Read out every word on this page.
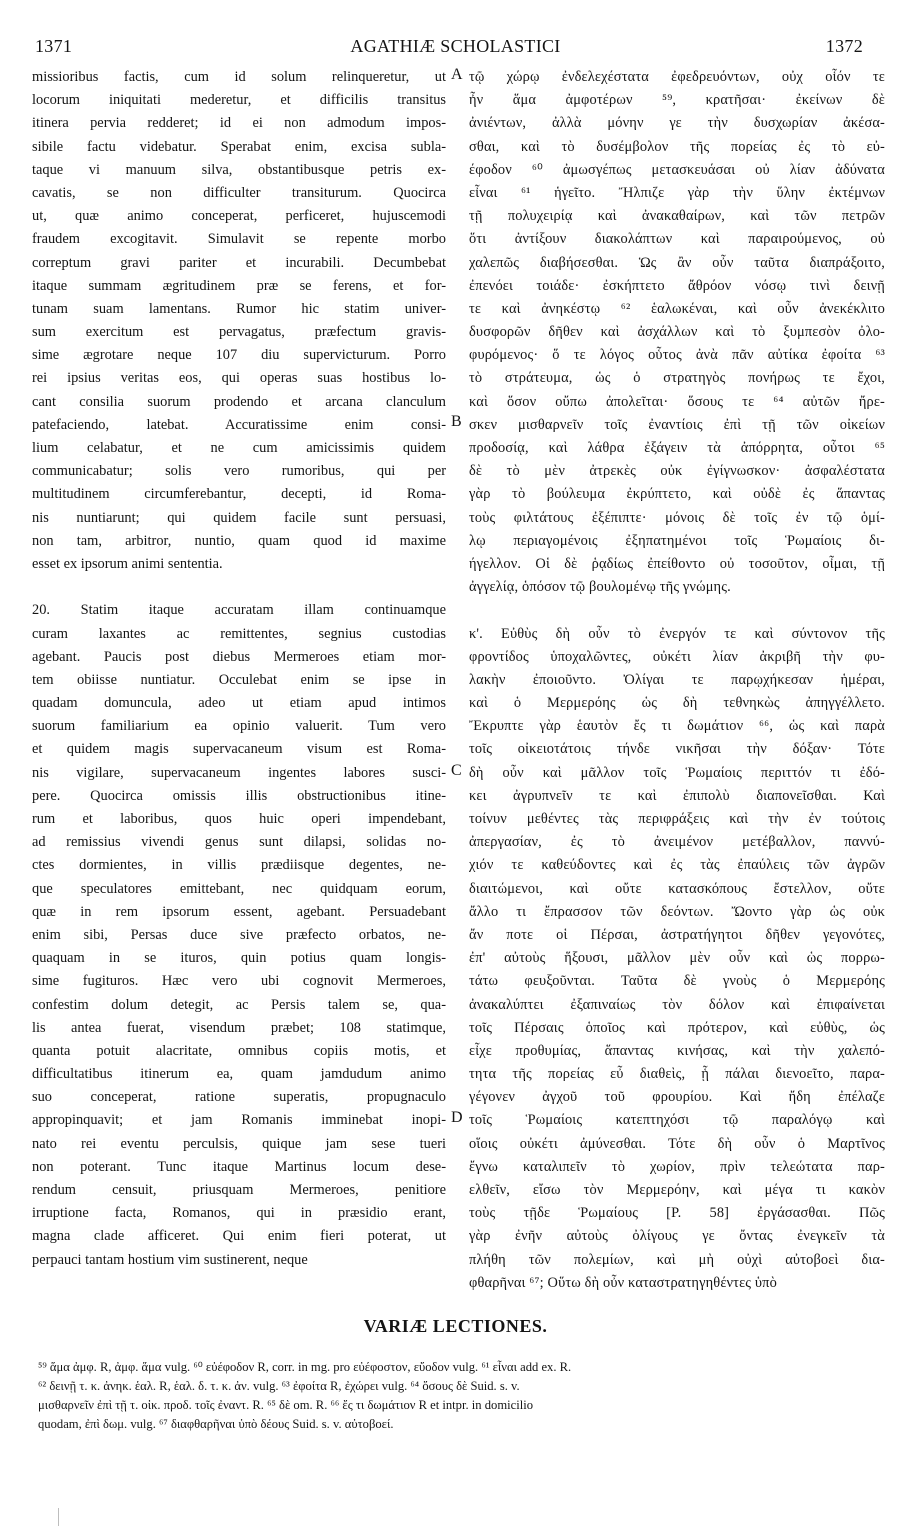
1371	AGATHIÆ SCHOLASTICI	1372
missioribus factis, cum id solum relinqueretur, ut
locorum iniquitati mederetur, et difficilis transitus
itinera pervia redderet; id ei non admodum impos-
sibile factu videbatur. Sperabat enim, excisa subla-
taque vi manuum silva, obstantibusque petris ex-
cavatis, se non difficulter transiturum. Quocirca
ut, quæ animo conceperat, perficeret, hujuscemodi
fraudem excogitavit. Simulavit se repente morbo
correptum gravi pariter et incurabili. Decumbebat
itaque summam ægritudinem præ se ferens, et for-
tunam suam lamentans. Rumor hic statim univer-
sum exercitum est pervagatus, præfectum gravis-
sime ægrotare neque 107 diu supervicturum. Porro
rei ipsius veritas eos, qui operas suas hostibus lo-
cant consilia suorum prodendo et arcana clanculum
patefaciendo, latebat. Accuratissime enim consi-
lium celabatur, et ne cum amicissimis quidem
communicabatur; solis vero rumoribus, qui per
multitudinem circumferebantur, decepti, id Roma-
nis nuntiarunt; qui quidem facile sunt persuasi,
non tam, arbitror, nuntio, quam quod id maxime
esset ex ipsorum animi sententia.
20. Statim itaque accuratam illam continuamque
curam laxantes ac remittentes, segnius custodias
agebant. Paucis post diebus Mermeroes etiam mor-
tem obiisse nuntiatur. Occulebat enim se ipse in
quadam domuncula, adeo ut etiam apud intimos
suorum familiarium ea opinio valuerit. Tum vero
et quidem magis supervacaneum visum est Roma-
nis vigilare, supervacaneum ingentes labores susci-
pere. Quocirca omissis illis obstructionibus itine-
rum et laboribus, quos huic operi impendebant,
ad remissius vivendi genus sunt dilapsi, solidas no-
ctes dormientes, in villis prædiisque degentes, ne-
que speculatores emittebant, nec quidquam eorum,
quæ in rem ipsorum essent, agebant. Persuadebant
enim sibi, Persas duce sive præfecto orbatos, ne-
quaquam in se ituros, quin potius quam longis-
sime fugituros. Hæc vero ubi cognovit Mermeroes,
confestim dolum detegit, ac Persis talem se, qua-
lis antea fuerat, visendum præbet; 108 statimque,
quanta potuit alacritate, omnibus copiis motis, et
difficultatibus itinerum ea, quam jamdudum animo
suo conceperat, ratione superatis, propugnaculo
appropinquavit; et jam Romanis imminebat inopi-
nato rei eventu perculsis, quique jam sese tueri
non poterant. Tunc itaque Martinus locum dese-
rendum censuit, priusquam Mermeroes, penitiore
irruptione facta, Romanos, qui in præsidio erant,
magna clade afficeret. Qui enim fieri poterat, ut
perpauci tantam hostium vim sustinerent, neque
A
B
C
D
τῷ χώρῳ ἐνδελεχέστατα ἐφεδρευόντων, οὐχ οἷόν τε
ἦν ἅμα ἀμφοτέρων ⁵⁹, κρατῆσαι· ἐκείνων δὲ
ἀνιέντων, ἀλλὰ μόνην γε τὴν δυσχωρίαν ἀκέσα-
σθαι, καὶ τὸ δυσέμβολον τῆς πορείας ἐς τὸ εὐ-
έφοδον ⁶⁰ ἀμωσγέπως μετασκευάσαι οὐ λίαν ἀδύνατα
εἶναι ⁶¹ ἡγεῖτο. Ἤλπιζε γὰρ τὴν ὕλην ἐκτέμνων
τῇ πολυχειρίᾳ καὶ ἀνακαθαίρων, καὶ τῶν πετρῶν
ὅτι ἀντίξουν διακολάπτων καὶ παραιρούμενος, οὐ
χαλεπῶς διαβήσεσθαι. Ὡς ἂν οὖν ταῦτα διαπράξοιτο,
ἐπενόει τοιάδε· ἐσκήπτετο ἄθρόον νόσῳ τινὶ δεινῇ
τε καὶ ἀνηκέστῳ ⁶² ἑαλωκέναι, καὶ οὖν ἀνεκέκλιτο
δυσφορῶν δῆθεν καὶ ἀσχάλλων καὶ τὸ ξυμπεσὸν ὀλο-
φυρόμενος· ὅ τε λόγος οὗτος ἀνὰ πᾶν αὐτίκα ἐφοίτα ⁶³
τὸ στράτευμα, ὡς ὁ στρατηγὸς πονήρως τε ἔχοι,
καὶ ὅσον οὔπω ἀπολεῖται· ὅσους τε ⁶⁴ αὐτῶν ἤρε-
σκεν μισθαρνεῖν τοῖς ἐναντίοις ἐπὶ τῇ τῶν οἰκείων
προδοσίᾳ, καὶ λάθρα ἐξάγειν τὰ ἀπόρρητα, οὗτοι ⁶⁵
δὲ τὸ μὲν ἀτρεκὲς οὐκ ἐγίγνωσκον· ἀσφαλέστατα
γὰρ τὸ βούλευμα ἐκρύπτετο, καὶ οὐδὲ ἐς ἅπαντας
τοὺς φιλτάτους ἐξέπιπτε· μόνοις δὲ τοῖς ἐν τῷ ὁμί-
λῳ περιαγομένοις ἐξηπατημένοι τοῖς Ῥωμαίοις δι-
ήγελλον. Οἱ δὲ ῥᾳδίως ἐπείθοντο οὐ τοσοῦτον, οἶμαι, τῇ
ἀγγελίᾳ, ὁπόσον τῷ βουλομένῳ τῆς γνώμης.
κ'. Εὐθὺς δὴ οὖν τὸ ἐνεργόν τε καὶ σύντονον τῆς
φροντίδος ὑποχαλῶντες, οὐκέτι λίαν ἀκριβῆ τὴν φυ-
λακὴν ἐποιοῦντο. Ὀλίγαι τε παρῳχήκεσαν ἡμέραι,
καὶ ὁ Μερμερόης ὡς δὴ τεθνηκὼς ἀπηγγέλλετο.
Ἔκρυπτε γὰρ ἑαυτὸν ἔς τι δωμάτιον ⁶⁶, ὡς καὶ παρὰ
τοῖς οἰκειοτάτοις τήνδε νικῆσαι τὴν δόξαν· Τότε
δὴ οὖν καὶ μᾶλλον τοῖς Ῥωμαίοις περιττόν τι ἐδό-
κει ἀγρυπνεῖν τε καὶ ἐπιπολὺ διαπονεῖσθαι. Καὶ
τοίνυν μεθέντες τὰς περιφράξεις καὶ τὴν ἐν τούτοις
ἀπεργασίαν, ἐς τὸ ἀνειμένον μετέβαλλον, παννύ-
χιόν τε καθεύδοντες καὶ ἐς τὰς ἐπαύλεις τῶν ἀγρῶν
διαιτώμενοι, καὶ οὔτε κατασκόπους ἔστελλον, οὔτε
ἄλλο τι ἔπρασσον τῶν δεόντων. Ὤοντο γὰρ ὡς οὐκ
ἄν ποτε οἱ Πέρσαι, ἀστρατήγητοι δῆθεν γεγονότες,
ἐπ' αὐτοὺς ἥξουσι, μᾶλλον μὲν οὖν καὶ ὡς πορρω-
τάτω φευξοῦνται. Ταῦτα δὲ γνοὺς ὁ Μερμερόης
ἀνακαλύπτει ἐξαπιναίως τὸν δόλον καὶ ἐπιφαίνεται
τοῖς Πέρσαις ὁποῖος καὶ πρότερον, καὶ εὐθὺς, ὡς
εἶχε προθυμίας, ἅπαντας κινήσας, καὶ τὴν χαλεπό-
τητα τῆς πορείας εὖ διαθεὶς, ᾗ πάλαι διενοεῖτο, παρα-
γέγονεν ἀγχοῦ τοῦ φρουρίου. Καὶ ἤδη ἐπέλαζε
τοῖς Ῥωμαίοις κατεπτηχόσι τῷ παραλόγῳ καὶ
οἵοις οὐκέτι ἀμύνεσθαι. Τότε δὴ οὖν ὁ Μαρτῖνος
ἔγνω καταλιπεῖν τὸ χωρίον, πρὶν τελεώτατα παρ-
ελθεῖν, εἴσω τὸν Μερμερόην, καὶ μέγα τι κακὸν
τοὺς τῇδε Ῥωμαίους [P. 58] ἐργάσασθαι. Πῶς
γὰρ ἐνῆν αὐτοὺς ὀλίγους γε ὄντας ἐνεγκεῖν τὰ
πλήθη τῶν πολεμίων, καὶ μὴ οὐχὶ αὐτοβοεὶ δια-
φθαρῆναι ⁶⁷; Οὕτω δὴ οὖν καταστρατηγηθέντες ὑπὸ
VARIÆ LECTIONES.
⁵⁹ ἅμα ἀμφ. R, ἀμφ. ἅμα vulg. ⁶⁰ εὐέφοδον R, corr. in mg. pro εὐέφοστον, εὔοδον vulg. ⁶¹ εἶναι add ex. R.
⁶² δεινῇ τ. κ. ἀνηκ. ἑαλ. R, ἑαλ. δ. τ. κ. ἀν. vulg. ⁶³ ἐφοίτα R, ἐχώρει vulg. ⁶⁴ ὅσους δὲ Suid. s. v.
μισθαρνεῖν ἐπὶ τῇ τ. οἰκ. προδ. τοῖς ἐναντ. R. ⁶⁵ δὲ om. R. ⁶⁶ ἔς τι δωμάτιον R et intpr. in domicilio
quodam, ἐπὶ δωμ. vulg. ⁶⁷ διαφθαρῆναι ὑπὸ δέους Suid. s. v. αὐτοβοεί.
